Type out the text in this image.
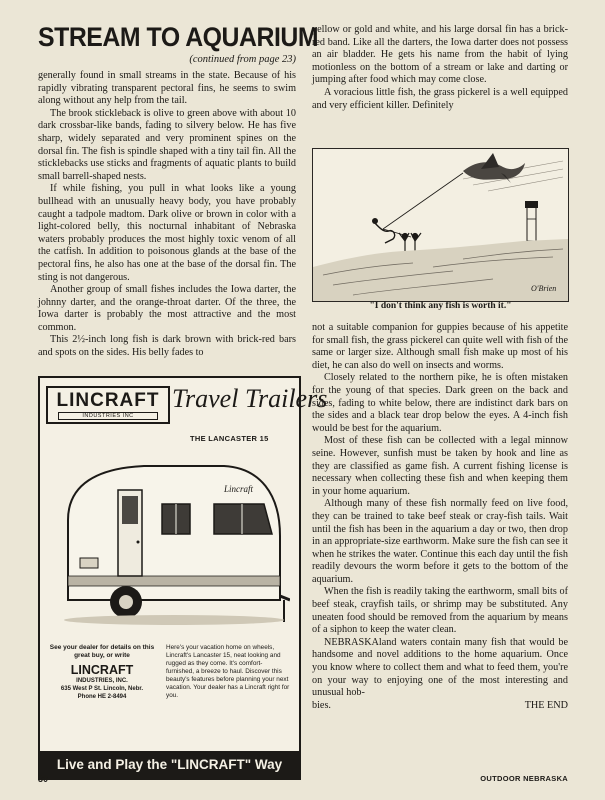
STREAM TO AQUARIUM
(continued from page 23)

generally found in small streams in the state. Because of his rapidly vibrating transparent pectoral fins, he seems to swim along without any help from the tail.

The brook stickleback is olive to green above with about 10 dark crossbar-like bands, fading to silvery below. He has five sharp, widely separated and very prominent spines on the dorsal fin. The fish is spindle shaped with a tiny tail fin. All the sticklebacks use sticks and fragments of aquatic plants to build small barrell-shaped nests.

If while fishing, you pull in what looks like a young bullhead with an unusually heavy body, you have probably caught a tadpole madtom. Dark olive or brown in color with a light-colored belly, this nocturnal inhabitant of Nebraska waters probably produces the most highly toxic venom of all the catfish. In addition to poisonous glands at the base of the pectoral fins, he also has one at the base of the dorsal fin. The sting is not dangerous.

Another group of small fishes includes the Iowa darter, the johnny darter, and the orange-throat darter. Of the three, the Iowa darter is probably the most attractive and the most common.

This 2½-inch long fish is dark brown with brick-red bars and spots on the sides. His belly fades to

yellow or gold and white, and his large dorsal fin has a brick-red band. Like all the darters, the Iowa darter does not possess an air bladder. He gets his name from the habit of lying motionless on the bottom of a stream or lake and darting or jumping after food which may come close.

A voracious little fish, the grass pickerel is a well equipped and very efficient killer. Definitely

O'Brien
"I don't think any fish is worth it."

not a suitable companion for guppies because of his appetite for small fish, the grass pickerel can quite well with fish of the same or larger size. Although small fish make up most of his diet, he can also do well on insects and worms.

Closely related to the northern pike, he is often mistaken for the young of that species. Dark green on the back and sides, fading to white below, there are indistinct dark bars on the sides and a black tear drop below the eyes. A 4-inch fish would be best for the aquarium.

Most of these fish can be collected with a legal minnow seine. However, sunfish must be taken by hook and line as they are classified as game fish. A current fishing license is necessary when collecting these fish and when keeping them in your home aquarium.

Although many of these fish normally feed on live food, they can be trained to take beef steak or cray-fish tails. Wait until the fish has been in the aquarium a day or two, then drop in an appropriate-size earthworm. Make sure the fish can see it when he strikes the water. Continue this each day until the fish readily devours the worm before it gets to the bottom of the aquarium.

When the fish is readily taking the earthworm, small bits of beef steak, crayfish tails, or shrimp may be substituted. Any uneaten food should be removed from the aquarium by means of a siphon to keep the water clean.

NEBRASKAland waters contain many fish that would be handsome and novel additions to the home aquarium. Once you know where to collect them and what to feed them, you're on your way to enjoying one of the most interesting and unusual hob-

bies.	THE END
LINCRAFT
INDUSTRIES INC
Travel Trailers
THE LANCASTER 15
Lincraft
See your dealer for details on this great buy, or write
LINCRAFT
INDUSTRIES, INC.
635 West P St. Lincoln, Nebr.
Phone HE 2-8494
Here's your vacation home on wheels, Lincraft's Lancaster 15, neat looking and rugged as they come. It's comfort-furnished, a breeze to haul. Discover this beauty's features before planning your next vacation. Your dealer has a Lincraft right for you.
Live and Play the "LINCRAFT" Way
30	OUTDOOR NEBRASKA
